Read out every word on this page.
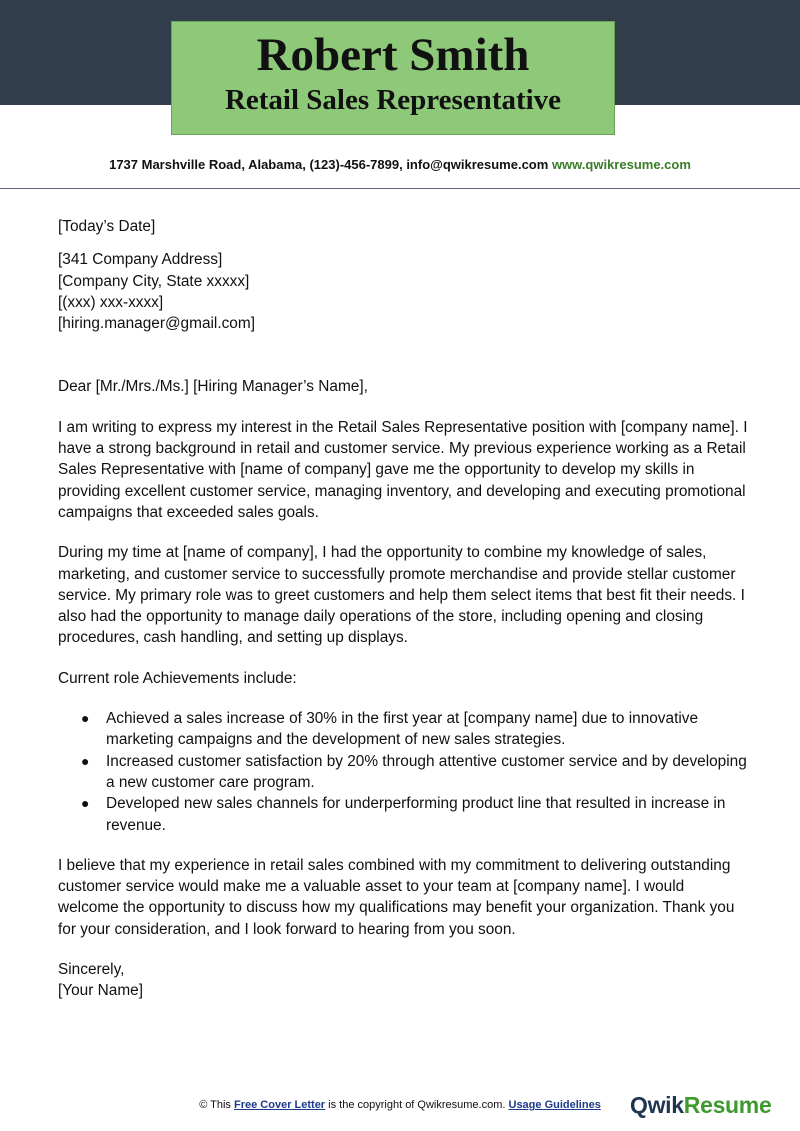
Robert Smith
Retail Sales Representative
1737 Marshville Road, Alabama, (123)-456-7899, info@qwikresume.com www.qwikresume.com

[Today’s Date]

[341 Company Address]

[Company City, State xxxxx]

[(xxx) xxx-xxxx]

[hiring.manager@gmail.com]

Dear [Mr./Mrs./Ms.] [Hiring Manager’s Name],

I am writing to express my interest in the Retail Sales Representative position with [company name]. I have a strong background in retail and customer service. My previous experience working as a Retail Sales Representative with [name of company] gave me the opportunity to develop my skills in providing excellent customer service, managing inventory, and developing and executing promotional campaigns that exceeded sales goals.

During my time at [name of company], I had the opportunity to combine my knowledge of sales, marketing, and customer service to successfully promote merchandise and provide stellar customer service. My primary role was to greet customers and help them select items that best fit their needs. I also had the opportunity to manage daily operations of the store, including opening and closing procedures, cash handling, and setting up displays.

Current role Achievements include:

● Achieved a sales increase of 30% in the first year at [company name] due to innovative marketing campaigns and the development of new sales strategies.
● Increased customer satisfaction by 20% through attentive customer service and by developing a new customer care program.
● Developed new sales channels for underperforming product line that resulted in increase in revenue.

I believe that my experience in retail sales combined with my commitment to delivering outstanding customer service would make me a valuable asset to your team at [company name]. I would welcome the opportunity to discuss how my qualifications may benefit your organization. Thank you for your consideration, and I look forward to hearing from you soon.

Sincerely,

[Your Name]

© This Free Cover Letter is the copyright of Qwikresume.com. Usage Guidelines	QwikResume
